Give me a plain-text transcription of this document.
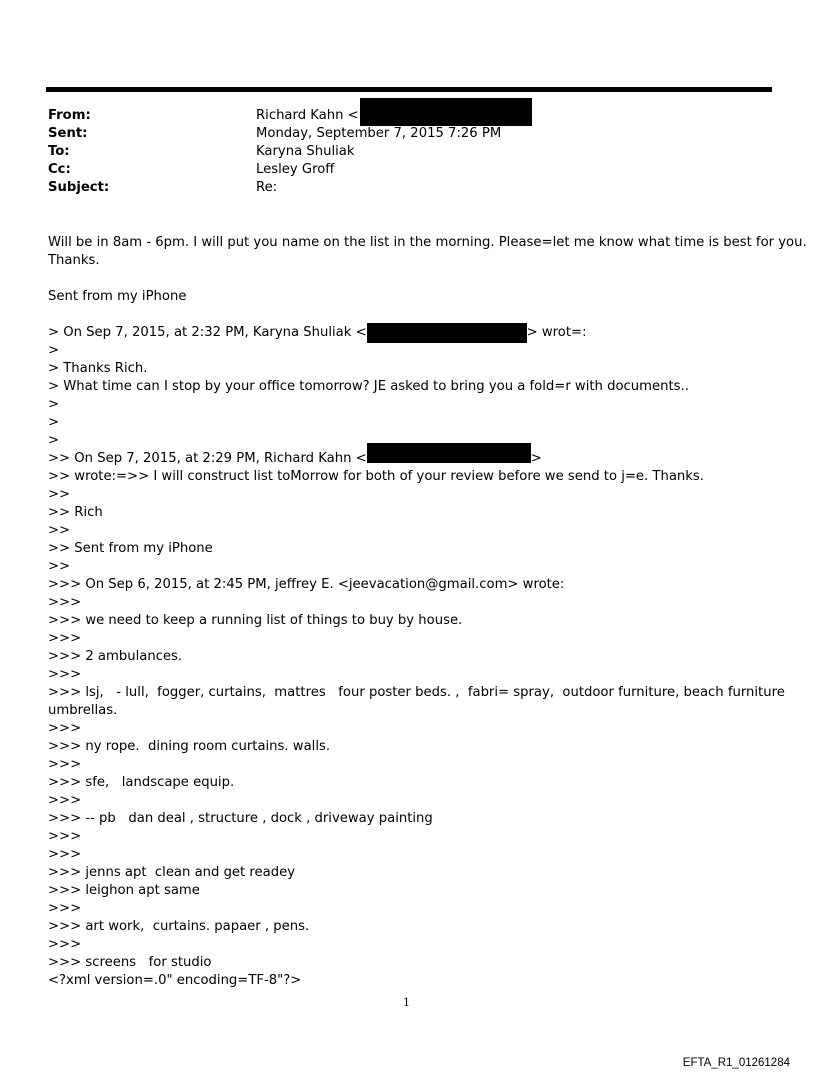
From:	Richard Kahn <
Sent:	Monday, September 7, 2015 7:26 PM
To:	Karyna Shuliak
Cc:	Lesley Groff
Subject:	Re:
Will be in 8am - 6pm. I will put you name on the list in the morning. Please=let me know what time is best for you.
Thanks.
Sent from my iPhone
> On Sep 7, 2015, at 2:32 PM, Karyna Shuliak <	> wrot=:
>
> Thanks Rich.
> What time can I stop by your office tomorrow? JE asked to bring you a fold=r with documents..
>
>
>
>> On Sep 7, 2015, at 2:29 PM, Richard Kahn <	>
>> wrote:=>> I will construct list toMorrow for both of your review before we send to j=e. Thanks.
>>
>> Rich
>>
>> Sent from my iPhone
>>
>>> On Sep 6, 2015, at 2:45 PM, jeffrey E. <jeevacation@gmail.com> wrote:
>>>
>>> we need to keep a running list of things to buy by house.
>>>
>>> 2 ambulances.
>>>
>>> lsj,   - lull,  fogger, curtains,  mattres   four poster beds. ,  fabri= spray,  outdoor furniture, beach furniture
umbrellas.
>>>
>>> ny rope.  dining room curtains. walls.
>>>
>>> sfe,   landscape equip.
>>>
>>> -- pb   dan deal , structure , dock , driveway painting
>>>
>>>
>>> jenns apt  clean and get readey
>>> leighon apt same
>>>
>>> art work,  curtains. papaer , pens.
>>>
>>> screens   for studio
<?xml version=.0" encoding=TF-8"?>
1
EFTA_R1_01261284
